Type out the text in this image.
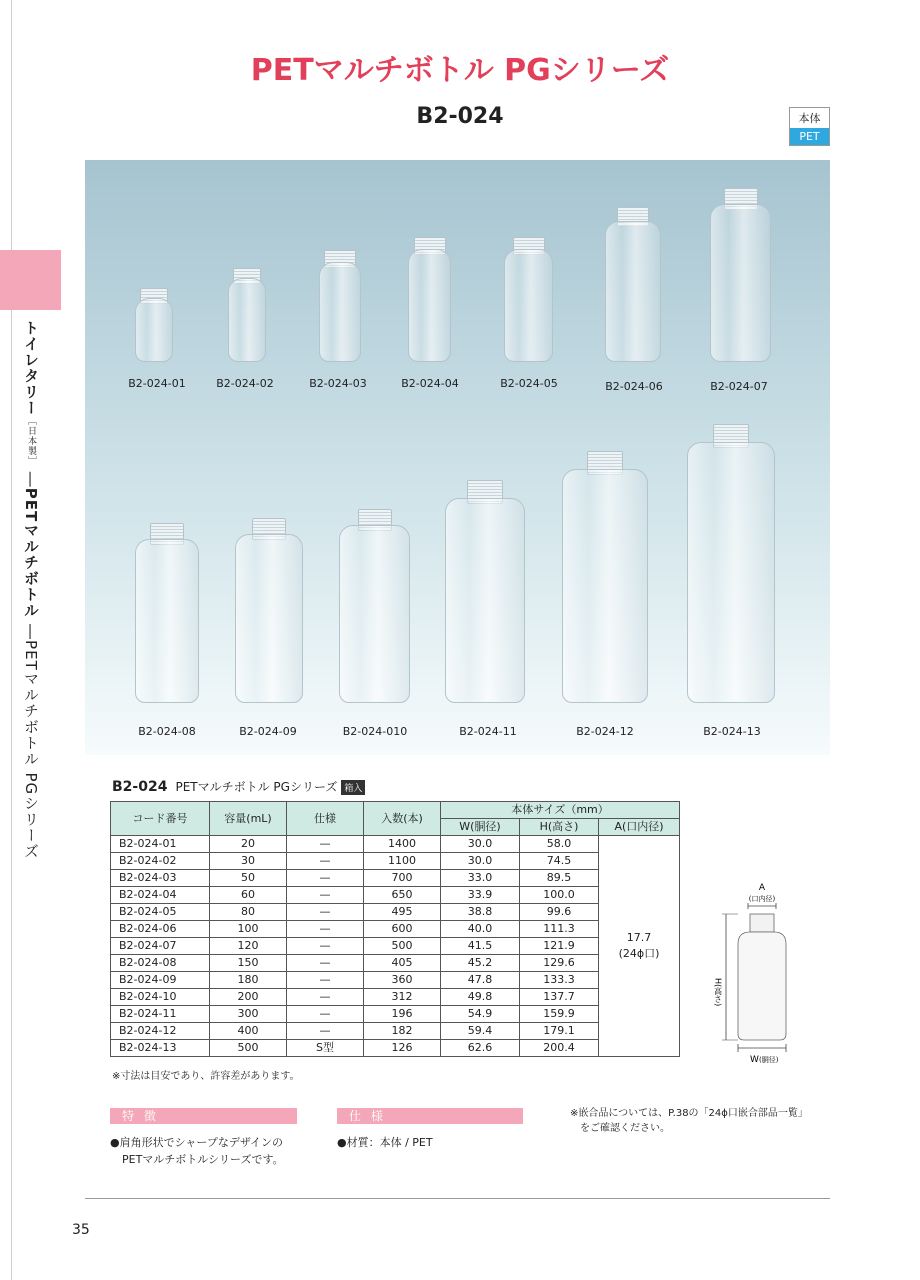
トイレタリー［日本製］ ―PETマルチボトル ―PETマルチボトル PGシリーズ
PETマルチボトル PGシリーズ
B2-024	本体
PET
B2-024-01	B2-024-02	B2-024-03	B2-024-04	B2-024-05	B2-024-06	B2-024-07
B2-024-08	B2-024-09	B2-024-010	B2-024-11	B2-024-12	B2-024-13
B2-024 PETマルチボトル PGシリーズ 箱入
コード番号	容量(mL)	仕様	入数(本)	本体サイズ（mm）		
				W(胴径)	H(高さ)	A(口内径)
B2-024-01	20	—	1400	30.0	58.0	17.7
(24ϕ口)

B2-024-02	30	—	1100	30.0	74.5	
B2-024-03	50	—	700	33.0	89.5	
B2-024-04	60	—	650	33.9	100.0	
B2-024-05	80	—	495	38.8	99.6	
B2-024-06	100	—	600	40.0	111.3	
B2-024-07	120	—	500	41.5	121.9	
B2-024-08	150	—	405	45.2	129.6	
B2-024-09	180	—	360	47.8	133.3	
B2-024-10	200	—	312	49.8	137.7	
B2-024-11	300	—	196	54.9	159.9	
B2-024-12	400	—	182	59.4	179.1	
B2-024-13	500	S型	126	62.6	200.4	
※寸法は目安であり、許容差があります。
A
(口内径)
H(高さ)
W (胴径)
特 徴
●肩角形状でシャープなデザインの
PETマルチボトルシリーズです。
仕 様
●材質：本体 / PET
※嵌合品については、P.38の「24ϕ口嵌合部品一覧」
をご確認ください。
35
